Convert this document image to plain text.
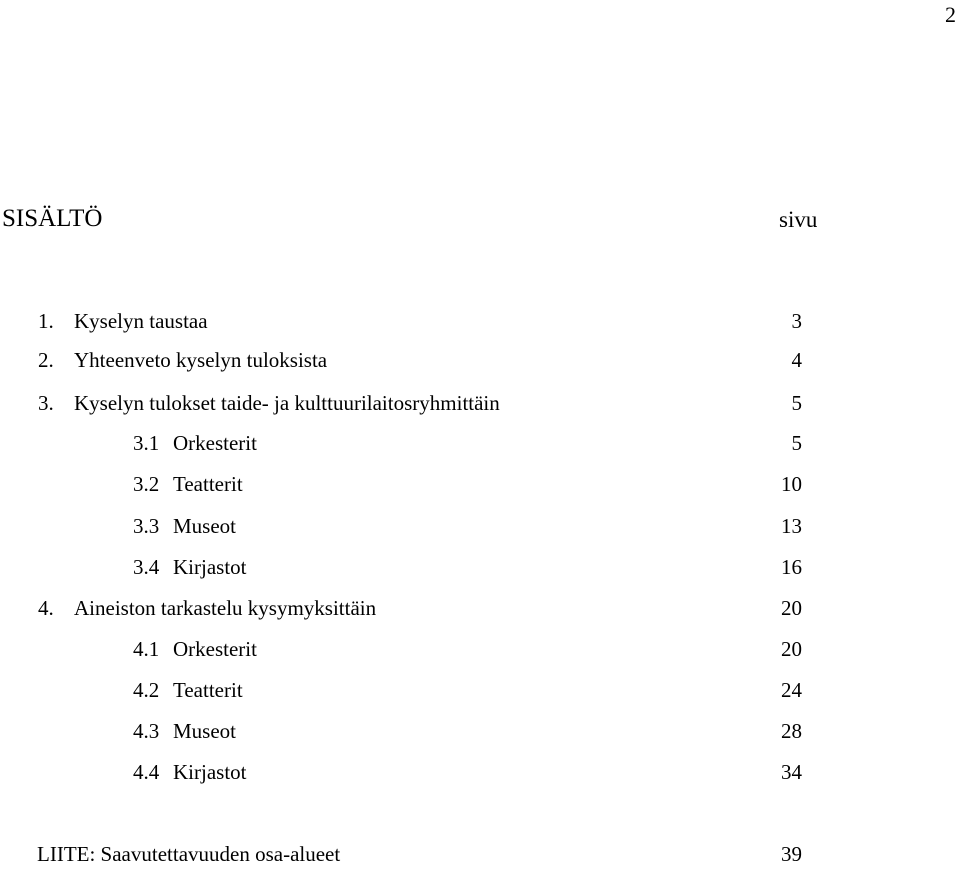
2
SISÄLTÖ	sivu
1. Kyselyn taustaa	3
2. Yhteenveto kyselyn tuloksista	4
3. Kyselyn tulokset taide- ja kulttuurilaitosryhmittäin	5
3.1 Orkesterit	5
3.2 Teatterit	10
3.3 Museot	13
3.4 Kirjastot	16
4. Aineiston tarkastelu kysymyksittäin	20
4.1 Orkesterit	20
4.2 Teatterit	24
4.3 Museot	28
4.4 Kirjastot	34
LIITE: Saavutettavuuden osa-alueet	39
